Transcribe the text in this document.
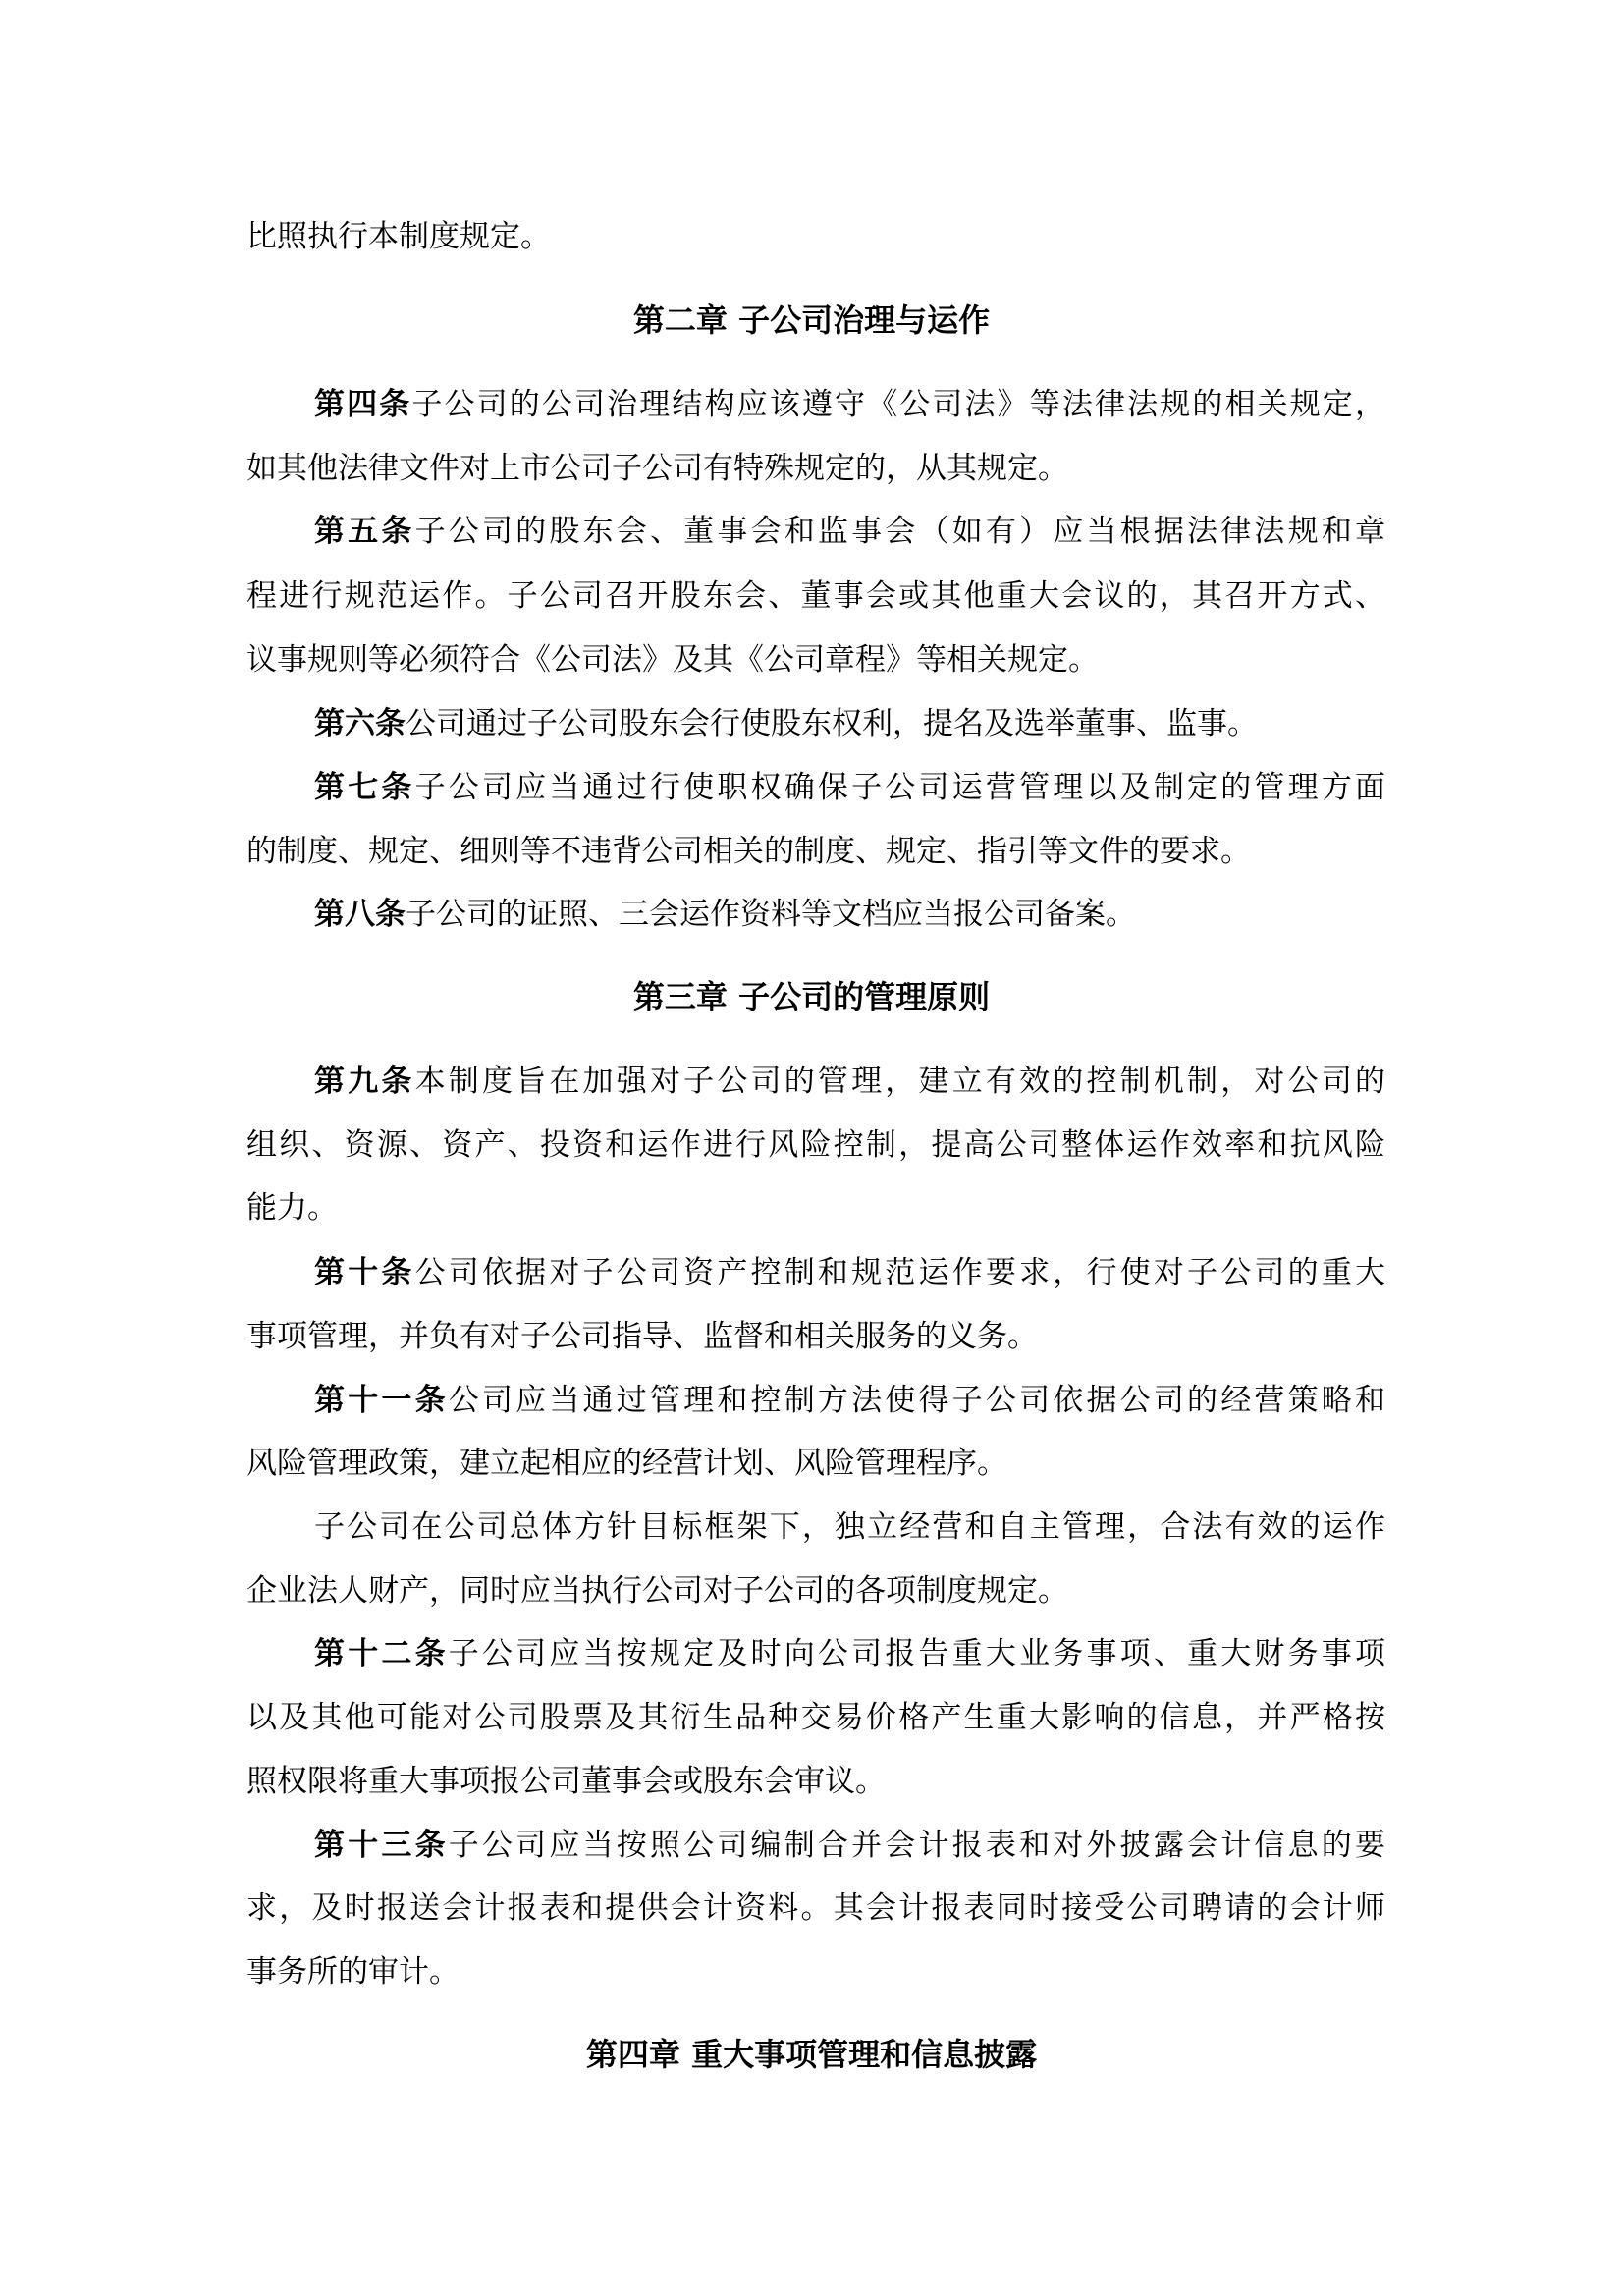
比照执行本制度规定。
第二章 子公司治理与运作
第四条子公司的公司治理结构应该遵守《公司法》等法律法规的相关规定，
如其他法律文件对上市公司子公司有特殊规定的，从其规定。
第五条子公司的股东会、董事会和监事会（如有）应当根据法律法规和章
程进行规范运作。子公司召开股东会、董事会或其他重大会议的，其召开方式、
议事规则等必须符合《公司法》及其《公司章程》等相关规定。
第六条公司通过子公司股东会行使股东权利，提名及选举董事、监事。
第七条子公司应当通过行使职权确保子公司运营管理以及制定的管理方面
的制度、规定、细则等不违背公司相关的制度、规定、指引等文件的要求。
第八条子公司的证照、三会运作资料等文档应当报公司备案。
第三章 子公司的管理原则
第九条本制度旨在加强对子公司的管理，建立有效的控制机制，对公司的
组织、资源、资产、投资和运作进行风险控制，提高公司整体运作效率和抗风险
能力。
第十条公司依据对子公司资产控制和规范运作要求，行使对子公司的重大
事项管理，并负有对子公司指导、监督和相关服务的义务。
第十一条公司应当通过管理和控制方法使得子公司依据公司的经营策略和
风险管理政策，建立起相应的经营计划、风险管理程序。
子公司在公司总体方针目标框架下，独立经营和自主管理，合法有效的运作
企业法人财产，同时应当执行公司对子公司的各项制度规定。
第十二条子公司应当按规定及时向公司报告重大业务事项、重大财务事项
以及其他可能对公司股票及其衍生品种交易价格产生重大影响的信息，并严格按
照权限将重大事项报公司董事会或股东会审议。
第十三条子公司应当按照公司编制合并会计报表和对外披露会计信息的要
求，及时报送会计报表和提供会计资料。其会计报表同时接受公司聘请的会计师
事务所的审计。
第四章 重大事项管理和信息披露
